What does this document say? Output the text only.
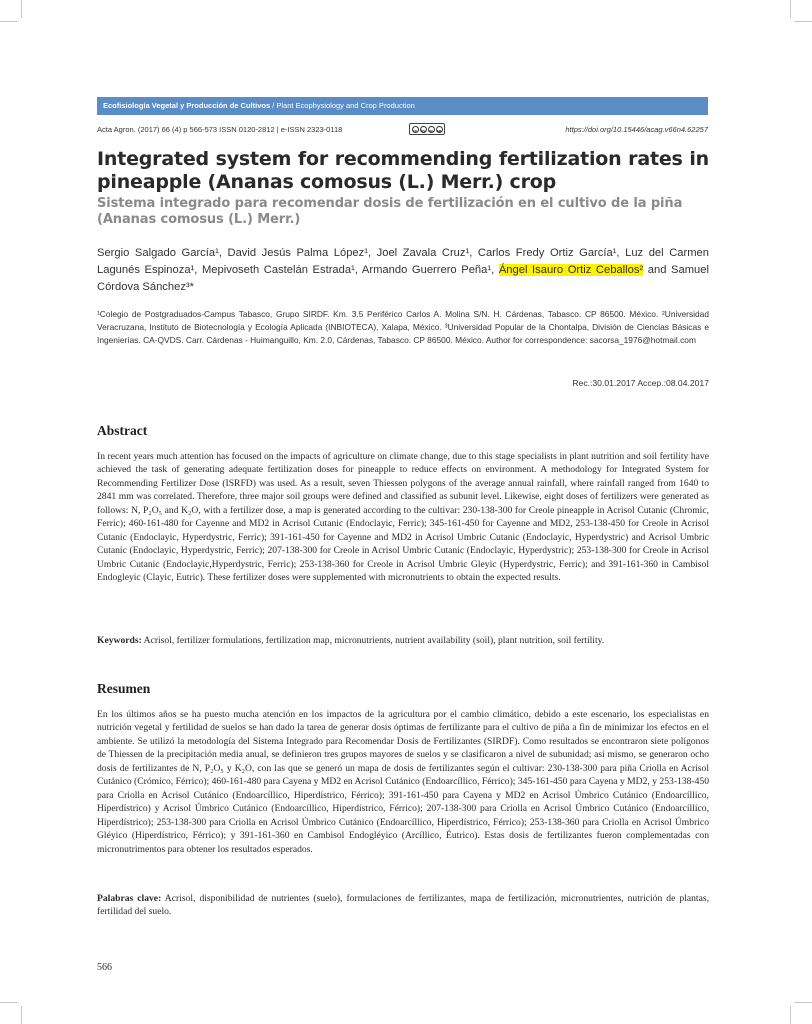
Ecofisiología Vegetal y Producción de Cultivos / Plant Ecophysiology and Crop Production
Acta Agron. (2017) 66 (4) p 566-573 ISSN 0120-2812 | e-ISSN 2323-0118	cc by nc sa	https://doi.org/10.15446/acag.v66n4.62257
Integrated system for recommending fertilization rates in pineapple (Ananas comosus (L.) Merr.) crop
Sistema integrado para recomendar dosis de fertilización en el cultivo de la piña (Ananas comosus (L.) Merr.)
Sergio Salgado García¹, David Jesús Palma López¹, Joel Zavala Cruz¹, Carlos Fredy Ortiz García¹, Luz del Carmen Lagunés Espinoza¹, Mepivoseth Castelán Estrada¹, Armando Guerrero Peña¹, Ángel Isauro Ortiz Ceballos² and Samuel Córdova Sánchez³*
¹Colegio de Postgraduados-Campus Tabasco, Grupo SIRDF. Km. 3.5 Periférico Carlos A. Molina S/N. H. Cárdenas, Tabasco. CP 86500. México. ²Universidad Veracruzana, Instituto de Biotecnología y Ecología Aplicada (INBIOTECA), Xalapa, México. ³Universidad Popular de la Chontalpa, División de Ciencias Básicas e Ingenierías. CA-QVDS. Carr. Cárdenas - Huimanguillo, Km. 2.0, Cárdenas, Tabasco. CP 86500. México. Author for correspondence: sacorsa_1976@hotmail.com
Rec.:30.01.2017 Accep.:08.04.2017
Abstract
In recent years much attention has focused on the impacts of agriculture on climate change, due to this stage specialists in plant nutrition and soil fertility have achieved the task of generating adequate fertilization doses for pineapple to reduce effects on environment. A methodology for Integrated System for Recommending Fertilizer Dose (ISRFD) was used. As a result, seven Thiessen polygons of the average annual rainfall, where rainfall ranged from 1640 to 2841 mm was correlated. Therefore, three major soil groups were defined and classified as subunit level. Likewise, eight doses of fertilizers were generated as follows: N, P₂O₅ and K₂O, with a fertilizer dose, a map is generated according to the cultivar: 230-138-300 for Creole pineapple in Acrisol Cutanic (Chromic, Ferric); 460-161-480 for Cayenne and MD2 in Acrisol Cutanic (Endoclayic, Ferric); 345-161-450 for Cayenne and MD2, 253-138-450 for Creole in Acrisol Cutanic (Endoclayic, Hyperdystric, Ferric); 391-161-450 for Cayenne and MD2 in Acrisol Umbric Cutanic (Endoclayic, Hyperdystric) and Acrisol Umbric Cutanic (Endoclayic, Hyperdystric, Ferric); 207-138-300 for Creole in Acrisol Umbric Cutanic (Endoclayic, Hyperdystric); 253-138-300 for Creole in Acrisol Umbric Cutanic (Endoclayic,Hyperdystric, Ferric); 253-138-360 for Creole in Acrisol Umbric Gleyic (Hyperdystric, Ferric); and 391-161-360 in Cambisol Endogleyic (Clayic, Eutric). These fertilizer doses were supplemented with micronutrients to obtain the expected results.
Keywords: Acrisol, fertilizer formulations, fertilization map, micronutrients, nutrient availability (soil), plant nutrition, soil fertility.
Resumen
En los últimos años se ha puesto mucha atención en los impactos de la agricultura por el cambio climático, debido a este escenario, los especialistas en nutrición vegetal y fertilidad de suelos se han dado la tarea de generar dosis óptimas de fertilizante para el cultivo de piña a fin de minimizar los efectos en el ambiente. Se utilizó la metodología del Sistema Integrado para Recomendar Dosis de Fertilizantes (SIRDF). Como resultados se encontraron siete polígonos de Thiessen de la precipitación media anual, se definieron tres grupos mayores de suelos y se clasificaron a nivel de subunidad; así mismo, se generaron ocho dosis de fertilizantes de N, P₂O₅ y K₂O, con las que se generó un mapa de dosis de fertilizantes según el cultivar: 230-138-300 para piña Criolla en Acrisol Cutánico (Crómico, Férrico); 460-161-480 para Cayena y MD2 en Acrisol Cutánico (Endoarcíllico, Férrico); 345-161-450 para Cayena y MD2, y 253-138-450 para Criolla en Acrisol Cutánico (Endoarcíllico, Hiperdístrico, Férrico); 391-161-450 para Cayena y MD2 en Acrisol Úmbrico Cutánico (Endoarcíllico, Hiperdístrico) y Acrisol Úmbrico Cutánico (Endoarcíllico, Hiperdístrico, Férrico); 207-138-300 para Criolla en Acrisol Úmbrico Cutánico (Endoarcíllico, Hiperdístrico); 253-138-300 para Criolla en Acrisol Úmbrico Cutánico (Endoarcíllico, Hiperdístrico, Férrico); 253-138-360 para Criolla en Acrisol Úmbrico Gléyico (Hiperdístrico, Férrico); y 391-161-360 en Cambisol Endogléyico (Arcíllico, Éutrico). Estas dosis de fertilizantes fueron complementadas con micronutrimentos para obtener los resultados esperados.
Palabras clave: Acrisol, disponibilidad de nutrientes (suelo), formulaciones de fertilizantes, mapa de fertilización, micronutrientes, nutrición de plantas, fertilidad del suelo.
566
